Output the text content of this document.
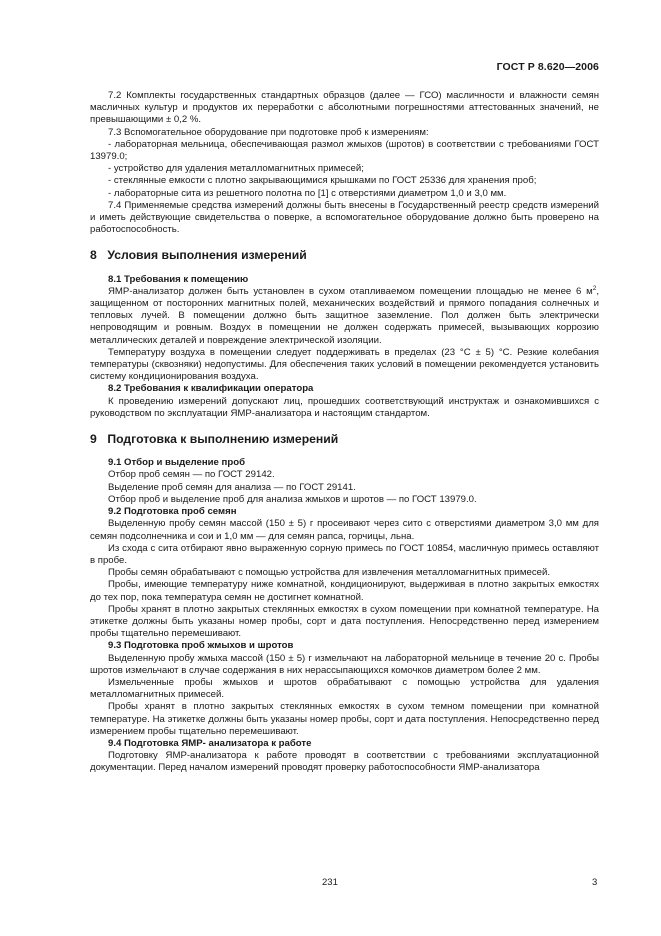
ГОСТ Р 8.620—2006

7.2 Комплекты государственных стандартных образцов (далее — ГСО) масличности и влажности семян масличных культур и продуктов их переработки с абсолютными погрешностями аттестованных значений, не превышающими ± 0,2 %.

7.3 Вспомогательное оборудование при подготовке проб к измерениям:

- лабораторная мельница, обеспечивающая размол жмыхов (шротов) в соответствии с требованиями ГОСТ 13979.0;

- устройство для удаления металломагнитных примесей;

- стеклянные емкости с плотно закрывающимися крышками по ГОСТ 25336 для хранения проб;

- лабораторные сита из решетного полотна по [1] с отверстиями диаметром 1,0 и 3,0 мм.

7.4 Применяемые средства измерений должны быть внесены в Государственный реестр средств измерений и иметь действующие свидетельства о поверке, а вспомогательное оборудование должно быть проверено на работоспособность.

8 Условия выполнения измерений

8.1 Требования к помещению

ЯМР-анализатор должен быть установлен в сухом отапливаемом помещении площадью не менее 6 $м^2$, защищенном от посторонних магнитных полей, механических воздействий и прямого попадания солнечных и тепловых лучей. В помещении должно быть защитное заземление. Пол должен быть электрически непроводящим и ровным. Воздух в помещении не должен содержать примесей, вызывающих коррозию металлических деталей и повреждение электрической изоляции.

Температуру воздуха в помещении следует поддерживать в пределах (23 °C ± 5) °C. Резкие колебания температуры (сквозняки) недопустимы. Для обеспечения таких условий в помещении рекомендуется установить систему кондиционирования воздуха.

8.2 Требования к квалификации оператора

К проведению измерений допускают лиц, прошедших соответствующий инструктаж и ознакомившихся с руководством по эксплуатации ЯМР-анализатора и настоящим стандартом.

9 Подготовка к выполнению измерений

9.1 Отбор и выделение проб

Отбор проб семян — по ГОСТ 29142.

Выделение проб семян для анализа — по ГОСТ 29141.

Отбор проб и выделение проб для анализа жмыхов и шротов — по ГОСТ 13979.0.

9.2 Подготовка проб семян

Выделенную пробу семян массой (150 ± 5) г просеивают через сито с отверстиями диаметром 3,0 мм для семян подсолнечника и сои и 1,0 мм — для семян рапса, горчицы, льна.

Из схода с сита отбирают явно выраженную сорную примесь по ГОСТ 10854, масличную примесь оставляют в пробе.

Пробы семян обрабатывают с помощью устройства для извлечения металломагнитных примесей.

Пробы, имеющие температуру ниже комнатной, кондиционируют, выдерживая в плотно закрытых емкостях до тех пор, пока температура семян не достигнет комнатной.

Пробы хранят в плотно закрытых стеклянных емкостях в сухом помещении при комнатной температуре. На этикетке должны быть указаны номер пробы, сорт и дата поступления. Непосредственно перед измерением пробы тщательно перемешивают.

9.3 Подготовка проб жмыхов и шротов

Выделенную пробу жмыха массой (150 ± 5) г измельчают на лабораторной мельнице в течение 20 с. Пробы шротов измельчают в случае содержания в них нерассыпающихся комочков диаметром более 2 мм.

Измельченные пробы жмыхов и шротов обрабатывают с помощью устройства для удаления металломагнитных примесей.

Пробы хранят в плотно закрытых стеклянных емкостях в сухом темном помещении при комнатной температуре. На этикетке должны быть указаны номер пробы, сорт и дата поступления. Непосредственно перед измерением пробы тщательно перемешивают.

9.4 Подготовка ЯМР- анализатора к работе

Подготовку ЯМР-анализатора к работе проводят в соответствии с требованиями эксплуатационной документации. Перед началом измерений проводят проверку работоспособности ЯМР-анализатора

231	3
